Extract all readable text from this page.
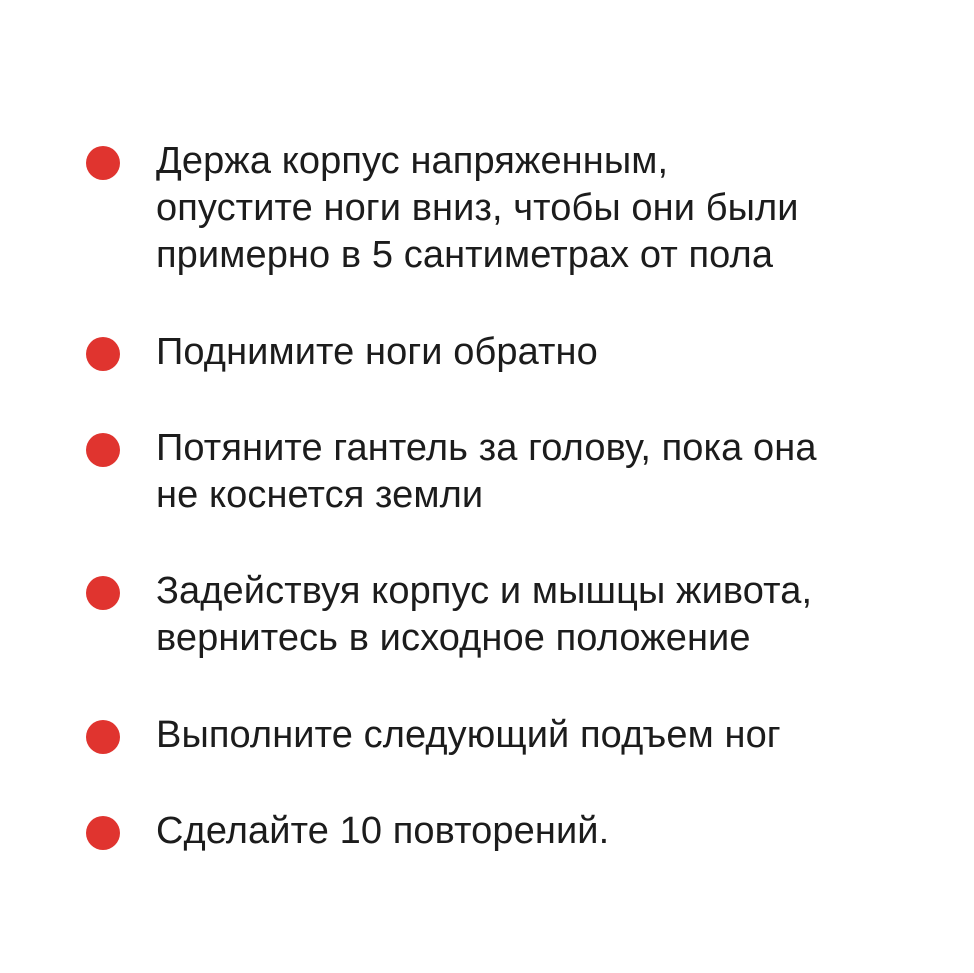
Держа корпус напряженным,
опустите ноги вниз, чтобы они были
примерно в 5 сантиметрах от пола

Поднимите ноги обратно

Потяните гантель за голову, пока она
не коснется земли

Задействуя корпус и мышцы живота,
вернитесь в исходное положение

Выполните следующий подъем ног

Сделайте 10 повторений.
